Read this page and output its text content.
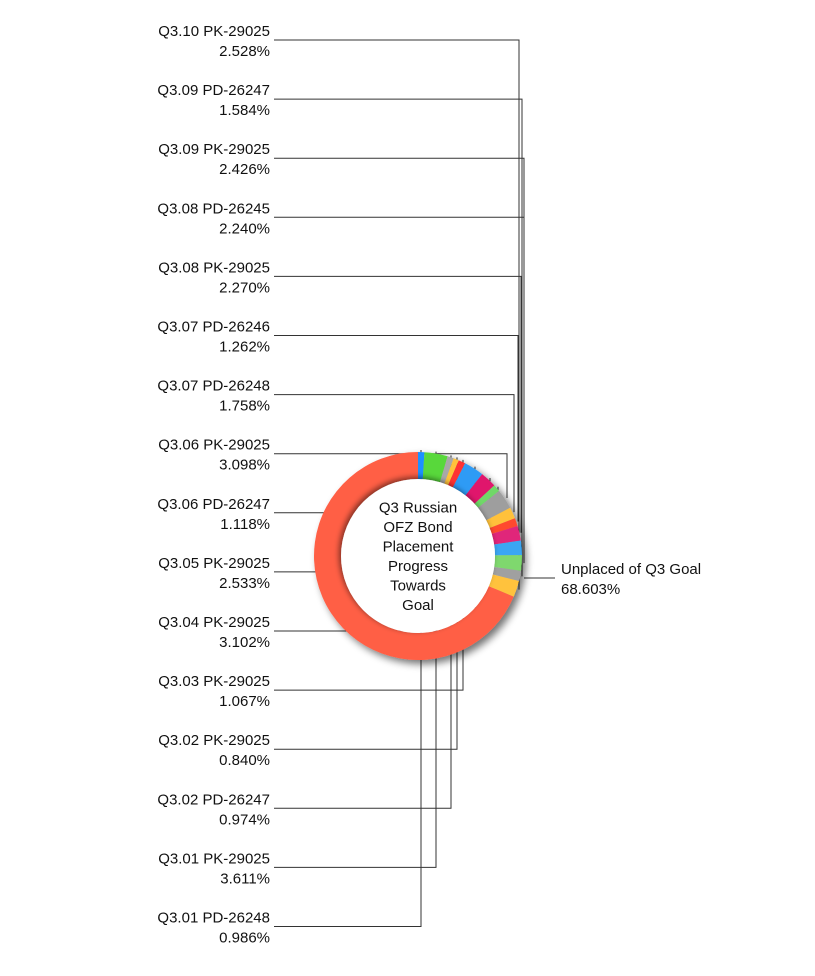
Q3 Russian
OFZ Bond
Placement
Progress
Towards
Goal
Q3.10 PK-29025
2.528%
Q3.09 PD-26247
1.584%
Q3.09 PK-29025
2.426%
Q3.08 PD-26245
2.240%
Q3.08 PK-29025
2.270%
Q3.07 PD-26246
1.262%
Q3.07 PD-26248
1.758%
Q3.06 PK-29025
3.098%
Q3.06 PD-26247
1.118%
Q3.05 PK-29025
2.533%
Q3.04 PK-29025
3.102%
Q3.03 PK-29025
1.067%
Q3.02 PK-29025
0.840%
Q3.02 PD-26247
0.974%
Q3.01 PK-29025
3.611%
Q3.01 PD-26248
0.986%
Unplaced of Q3 Goal
68.603%
